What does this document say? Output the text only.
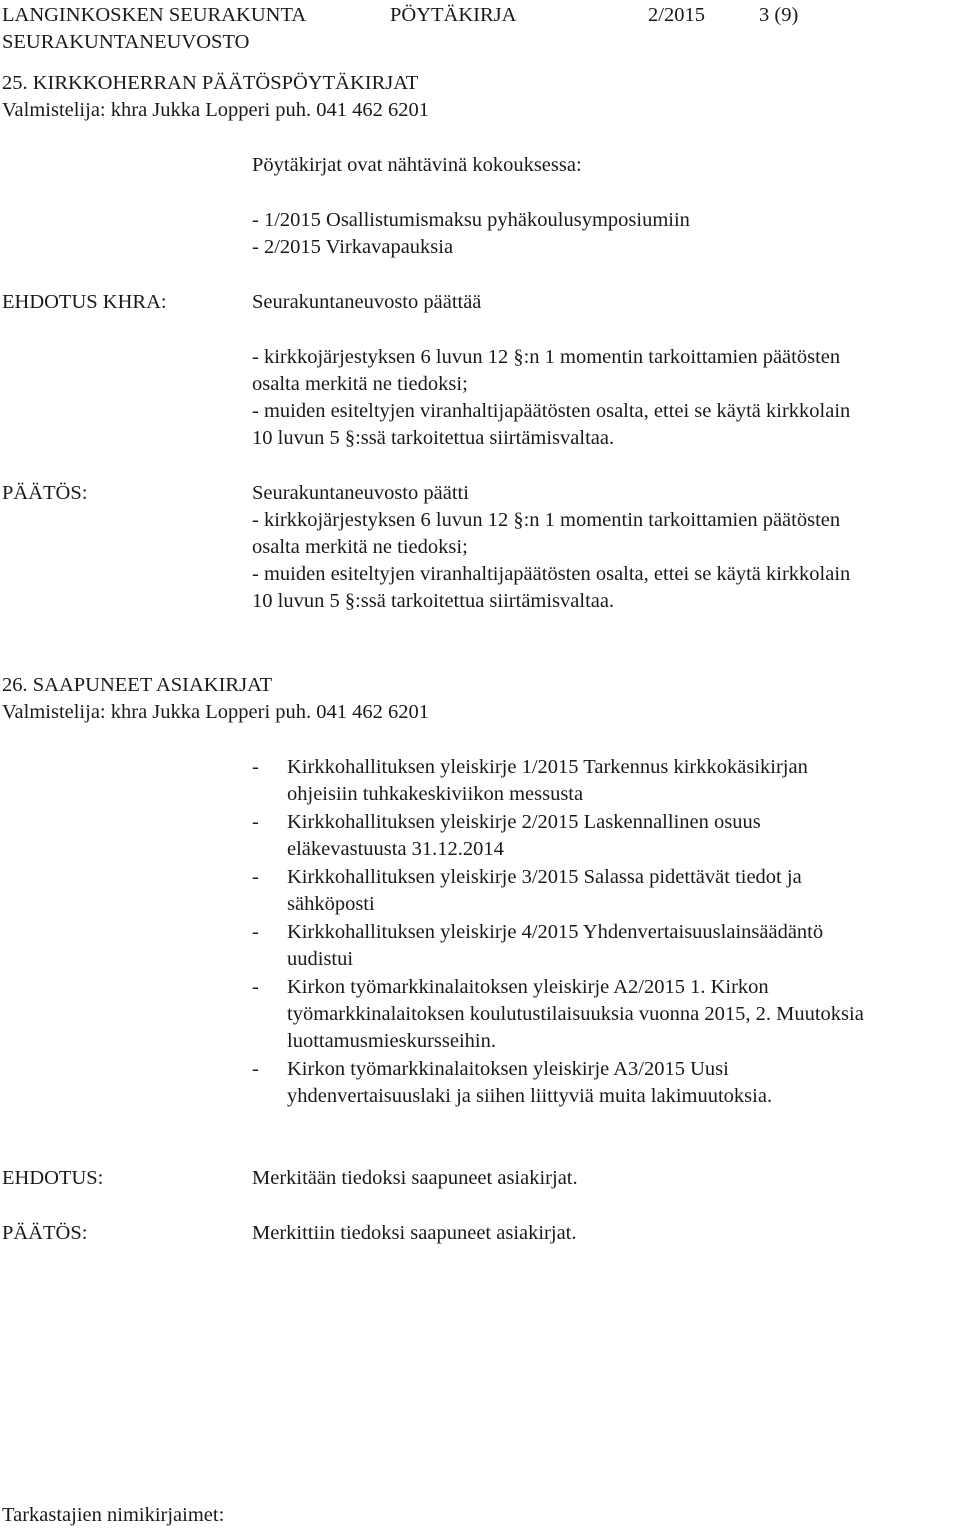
LANGINKOSKEN SEURAKUNTA	PÖYTÄKIRJA	2/2015	3 (9)
SEURAKUNTANEUVOSTO
25. KIRKKOHERRAN PÄÄTÖSPÖYTÄKIRJAT
Valmistelija: khra Jukka Lopperi puh. 041 462 6201
Pöytäkirjat ovat nähtävinä kokouksessa:
- 1/2015 Osallistumismaksu pyhäkoulusymposiumiin
- 2/2015 Virkavapauksia
EHDOTUS KHRA:	Seurakuntaneuvosto päättää
- kirkkojärjestyksen 6 luvun 12 §:n 1 momentin tarkoittamien päätösten
osalta merkitä ne tiedoksi;
- muiden esiteltyjen viranhaltijapäätösten osalta, ettei se käytä kirkkolain
10 luvun 5 §:ssä tarkoitettua siirtämisvaltaa.
PÄÄTÖS:	Seurakuntaneuvosto päätti
- kirkkojärjestyksen 6 luvun 12 §:n 1 momentin tarkoittamien päätösten
osalta merkitä ne tiedoksi;
- muiden esiteltyjen viranhaltijapäätösten osalta, ettei se käytä kirkkolain
10 luvun 5 §:ssä tarkoitettua siirtämisvaltaa.
26. SAAPUNEET ASIAKIRJAT
Valmistelija: khra Jukka Lopperi puh. 041 462 6201
- Kirkkohallituksen yleiskirje 1/2015 Tarkennus kirkkokäsikirjan
ohjeisiin tuhkakeskiviikon messusta
- Kirkkohallituksen yleiskirje 2/2015 Laskennallinen osuus
eläkevastuusta 31.12.2014
- Kirkkohallituksen yleiskirje 3/2015 Salassa pidettävät tiedot ja
sähköposti
- Kirkkohallituksen yleiskirje 4/2015 Yhdenvertaisuuslainsäädäntö
uudistui
- Kirkon työmarkkinalaitoksen yleiskirje A2/2015 1. Kirkon
työmarkkinalaitoksen koulutustilaisuuksia vuonna 2015, 2. Muutoksia
luottamusmieskursseihin.
- Kirkon työmarkkinalaitoksen yleiskirje A3/2015 Uusi
yhdenvertaisuuslaki ja siihen liittyviä muita lakimuutoksia.
EHDOTUS:	Merkitään tiedoksi saapuneet asiakirjat.
PÄÄTÖS:	Merkittiin tiedoksi saapuneet asiakirjat.
Tarkastajien nimikirjaimet:
